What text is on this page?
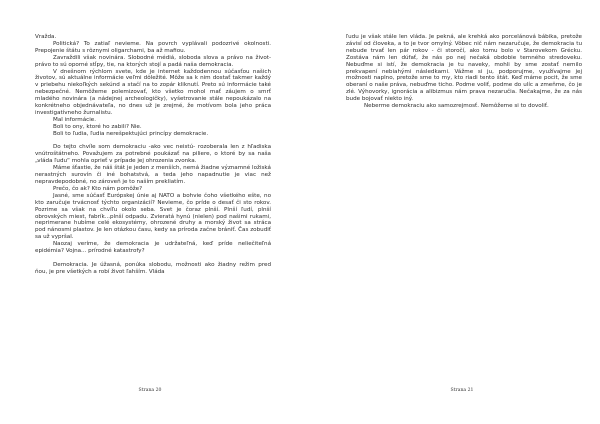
Vražda.

Politická? To zatiaľ nevieme. Na povrch vyplávali podozrivé okolnosti. Prepojenie štátu s rôznymi oligarchami, ba až mafiou.

Zavraždili však novinára. Slobodné médiá, sloboda slova a právo na život-právo to sú oporné stĺpy, tie, na ktorých stojí a padá naša demokracia.

V dnešnom rýchlom svete, kde je internet každodennou súčasťou našich životov, sú aktuálne informácie veľmi dôležité. Môže sa k nim dostať takmer každý v priebehu niekoľkých sekúnd a stačí na to zopár kliknutí. Preto sú informácie také nebezpečné. Nemôžeme polemizovať, kto všetko mohol mať záujem o smrť mladého novinára (a nádejnej archeologičky), vyšetrovanie stále nepoukázalo na konkrétneho objednávateľa, no dnes už je zrejmé, že motívom bola jeho práca investigatívneho žurnalistu.

Mal informácie.

Boli to ony, ktoré ho zabili? Nie.

Boli to ľudia, ľudia nerešpektujúci princípy demokracie.

Do tejto chvíle som demokraciu -ako vec neistú- rozoberala len z hľadiska vnútroštátneho. Považujem za potrebné poukázať na piliere, o ktoré by sa naša „vláda ľudu“ mohla oprieť v prípade jej ohrozenia zvonka.

Máme šťastie, že náš štát je jeden z menších, nemá žiadne významné ložiská nerastných surovín či iné bohatstvá, a teda jeho napadnutie je viac než nepravdepodobné, no zároveň je to naším prekliatím.

Prečo, čo ak? Kto nám pomôže?

Jasné, sme súčasť Európskej únie aj NATO a bohvie čoho všetkého ešte, no kto zaručuje trvácnosť týchto organizácií? Nevieme, čo príde o desať či sto rokov. Pozrime sa však na chvíľu okolo seba. Svet je čoraz plnší. Plnší ľudí, plnší obrovských miest, fabrík...plnší odpadu. Zvieratá hynú (nielen) pod našimi rukami, neprimerane hubíme celé ekosystémy, ohrozené druhy a morský život sa stráca pod nánosmi plastov. Je len otázkou času, kedy sa príroda začne brániť. Čas zobudiť sa už vypršal.

Naozaj veríme, že demokracia je udržateľná, keď príde neliečiteľná epidémia? Vojna... prírodné katastrofy?

Demokracia. Je úžasná, ponúka slobodu, možnosti ako žiadny režim pred ňou, je pre všetkých a robí život ľahším. Vláda

Strana 20

ľudu je však stále len vláda. Je pekná, ale krehká ako porcelánová bábika, pretože závisí od človeka, a to je tvor omylný. Vôbec nič nám nezaručuje, že demokracia tu nebude trvať len pár rokov - či storočí, ako tomu bolo v Starovekom Grécku. Zostáva nám len dúfať, že nás po nej nečaká obdobie temného stredoveku. Nebuďme si istí, že demokracia je tu naveky, mohli by sme zostať nemilo prekvapení nebiahými následkami. Vážme si ju, podporujme, využívajme jej možnosti naplno, pretože sme to my, kto riadi tento štát. Keď máme pocit, že sme oberaní o naše práva, nebuďme ticho. Podme voliť, podme do ulíc a zmeňme, čo je zlé. Výhovorky, ignorácia a alibizmus nám prava nezaručia. Nečakajme, že za nás bude bojovať niekto iný.

Neberme demokraciu ako samozrejmosť. Nemôžeme si to dovoliť.

Strana 21
